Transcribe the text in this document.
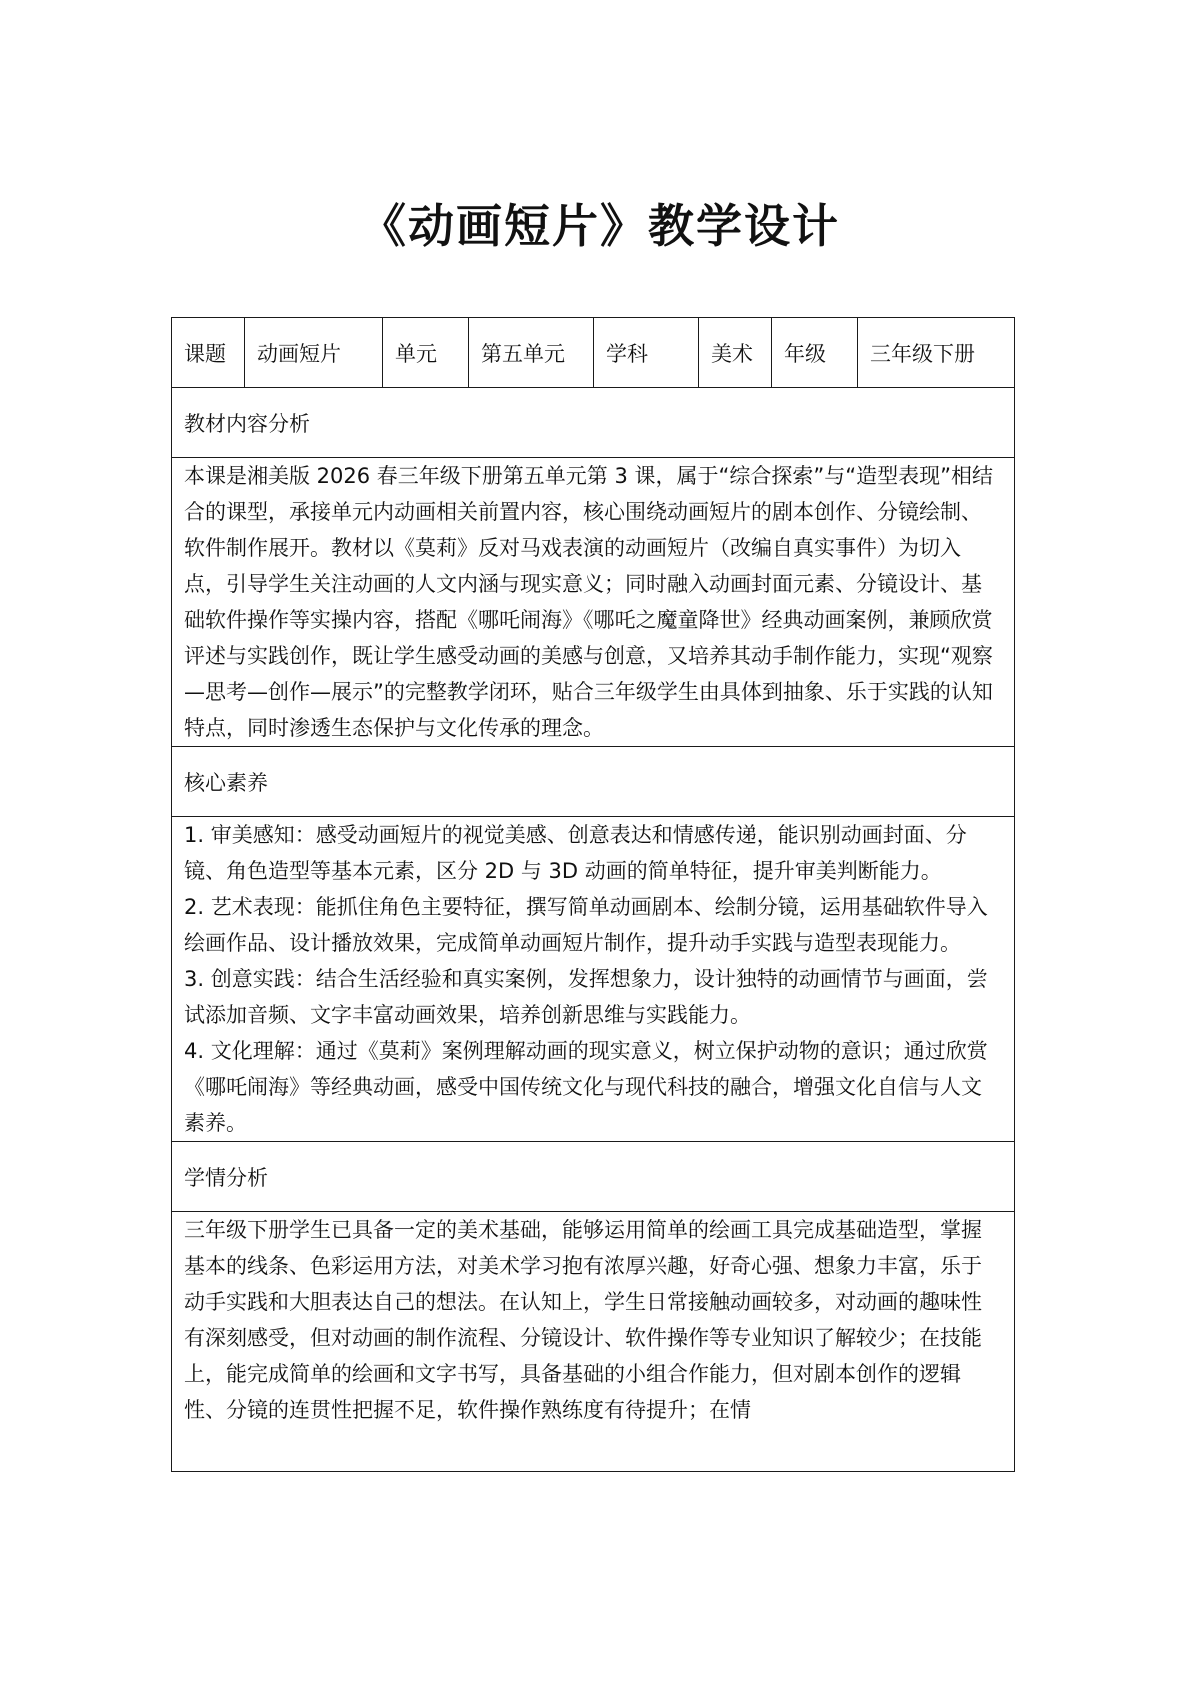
《动画短片》教学设计
课题	动画短片	单元	第五单元	学科	美术	年级	三年级下册
教材内容分析

本课是湘美版 2026 春三年级下册第五单元第 3 课，属于“综合探索”与“造型表现”相结合的课型，承接单元内动画相关前置内容，核心围绕动画短片的剧本创作、分镜绘制、软件制作展开。教材以《莫莉》反对马戏表演的动画短片（改编自真实事件）为切入点，引导学生关注动画的人文内涵与现实意义；同时融入动画封面元素、分镜设计、基础软件操作等实操内容，搭配《哪吒闹海》《哪吒之魔童降世》经典动画案例，兼顾欣赏评述与实践创作，既让学生感受动画的美感与创意，又培养其动手制作能力，实现“观察—思考—创作—展示”的完整教学闭环，贴合三年级学生由具体到抽象、乐于实践的认知特点，同时渗透生态保护与文化传承的理念。

核心素养

1. 审美感知：感受动画短片的视觉美感、创意表达和情感传递，能识别动画封面、分镜、角色造型等基本元素，区分 2D 与 3D 动画的简单特征，提升审美判断能力。

2. 艺术表现：能抓住角色主要特征，撰写简单动画剧本、绘制分镜，运用基础软件导入绘画作品、设计播放效果，完成简单动画短片制作，提升动手实践与造型表现能力。

3. 创意实践：结合生活经验和真实案例，发挥想象力，设计独特的动画情节与画面，尝试添加音频、文字丰富动画效果，培养创新思维与实践能力。

4. 文化理解：通过《莫莉》案例理解动画的现实意义，树立保护动物的意识；通过欣赏《哪吒闹海》等经典动画，感受中国传统文化与现代科技的融合，增强文化自信与人文素养。

学情分析

三年级下册学生已具备一定的美术基础，能够运用简单的绘画工具完成基础造型，掌握基本的线条、色彩运用方法，对美术学习抱有浓厚兴趣，好奇心强、想象力丰富，乐于动手实践和大胆表达自己的想法。在认知上，学生日常接触动画较多，对动画的趣味性有深刻感受，但对动画的制作流程、分镜设计、软件操作等专业知识了解较少；在技能上，能完成简单的绘画和文字书写，具备基础的小组合作能力，但对剧本创作的逻辑性、分镜的连贯性把握不足，软件操作熟练度有待提升；在情
